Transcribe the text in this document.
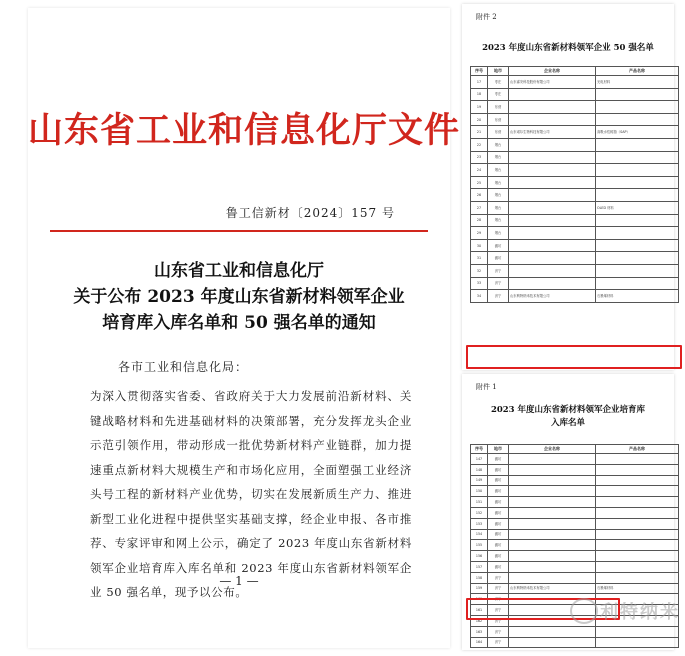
山东省工业和信息化厅文件
鲁工信新材〔2024〕157 号
山东省工业和信息化厅
关于公布 2023 年度山东省新材料领军企业
培育库入库名单和 50 强名单的通知
各市工业和信息化局：
为深入贯彻落实省委、省政府关于大力发展前沿新材料、关键战略材料和先进基础材料的决策部署，充分发挥龙头企业示范引领作用，带动形成一批优势新材料产业链群，加力提速重点新材料大规模生产和市场化应用，全面塑强工业经济头号工程的新材料产业优势，切实在发展新质生产力、推进新型工业化进程中提供坚实基础支撑，经企业申报、各市推荐、专家评审和网上公示，确定了 2023 年度山东省新材料领军企业培育库入库名单和 2023 年度山东省新材料领军企业 50 强名单，现予以公布。
— 1 —
附件 2
2023 年度山东省新材料领军企业 50 强名单
序号	地市	企业名称	产品名称
17	枣庄	山东睿安科技股份有限公司	光电材料
18	枣庄		
19	东营		
20	东营		
21	东营	山东诺尔生物科技有限公司	高吸水性树脂（SAP）
22	烟台		
23	烟台		
24	烟台		
25	烟台		
26	烟台		
27	烟台		OLED 材料
28	烟台		
29	烟台		
30	潍坊		
31	潍坊		
32	济宁		
33	济宁		
34	济宁	山东利特纳米技术有限公司	石墨烯材料
附件 1
2023 年度山东省新材料领军企业培育库
入库名单
序号	地市	企业名称	产品名称
147	潍坊		
148	潍坊		
149	潍坊		
150	潍坊		
151	潍坊		
152	潍坊		
153	潍坊		
154	潍坊		
155	潍坊		
156	潍坊		
157	潍坊		
158	济宁		
159	济宁	山东利特纳米技术有限公司	石墨烯材料
160	济宁		
161	济宁		
162	济宁		
163	济宁		
164	济宁		
利特纳米
